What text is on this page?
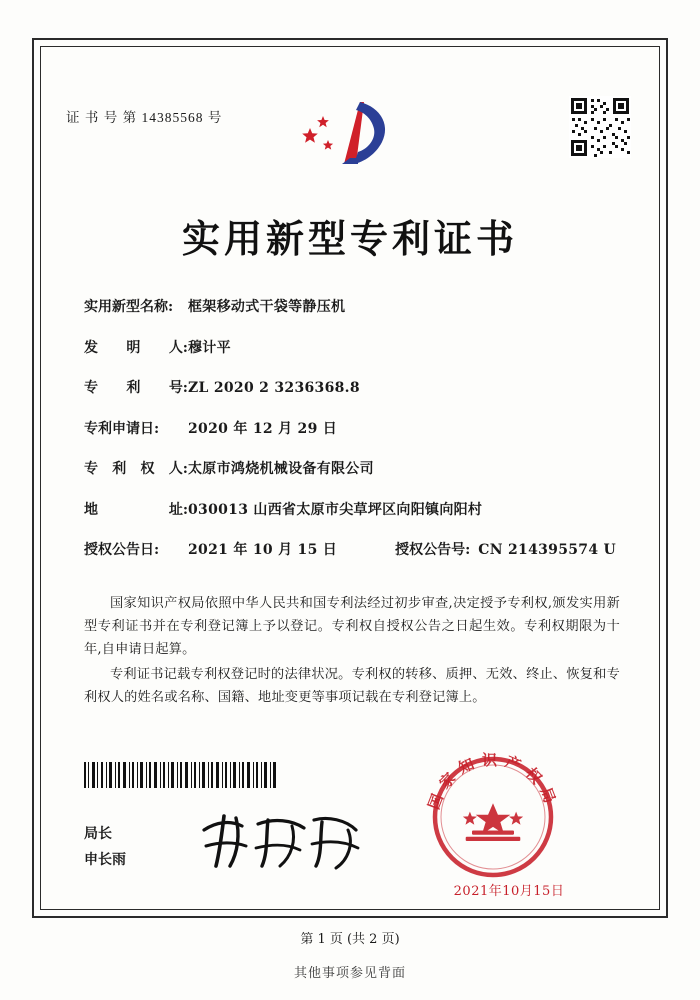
证 书 号 第 14385568 号
实用新型专利证书
实用新型名称:	框架移动式干袋等静压机
发 明 人: 穆计平
专 利 号: ZL 2020 2 3236368.8
专利申请日:	2020 年 12 月 29 日
专 利 权 人: 太原市鸿烧机械设备有限公司
地	址: 030013 山西省太原市尖草坪区向阳镇向阳村
授权公告日:	2021 年 10 月 15 日	授权公告号: CN 214395574 U

国家知识产权局依照中华人民共和国专利法经过初步审查,决定授予专利权,颁发实用新型专利证书并在专利登记簿上予以登记。专利权自授权公告之日起生效。专利权期限为十年,自申请日起算。

专利证书记载专利权登记时的法律状况。专利权的转移、质押、无效、终止、恢复和专利权人的姓名或名称、国籍、地址变更等事项记载在专利登记簿上。

国家知识产权局
2021年10月15日
局长
申长雨
第 1 页 (共 2 页)
其他事项参见背面
